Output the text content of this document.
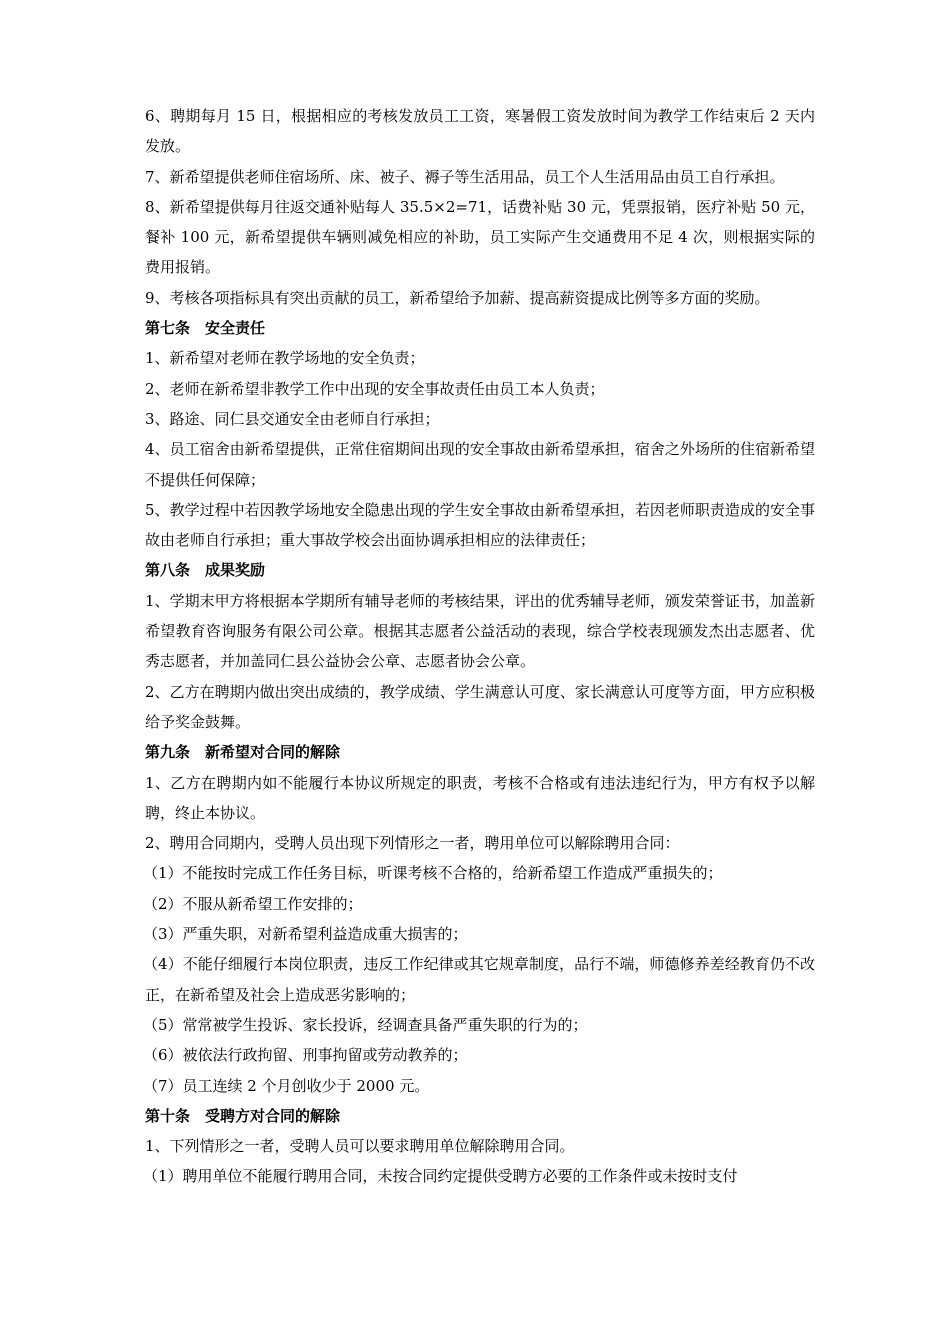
6、聘期每月 15 日，根据相应的考核发放员工工资，寒暑假工资发放时间为教学工作结束后 2 天内发放。

7、新希望提供老师住宿场所、床、被子、褥子等生活用品，员工个人生活用品由员工自行承担。

8、新希望提供每月往返交通补贴每人 35.5×2=71，话费补贴 30 元，凭票报销，医疗补贴 50 元，餐补 100 元，新希望提供车辆则减免相应的补助，员工实际产生交通费用不足 4 次，则根据实际的费用报销。

9、考核各项指标具有突出贡献的员工，新希望给予加薪、提高薪资提成比例等多方面的奖励。

第七条　安全责任

1、新希望对老师在教学场地的安全负责；

2、老师在新希望非教学工作中出现的安全事故责任由员工本人负责；

3、路途、同仁县交通安全由老师自行承担；

4、员工宿舍由新希望提供，正常住宿期间出现的安全事故由新希望承担，宿舍之外场所的住宿新希望不提供任何保障；

5、教学过程中若因教学场地安全隐患出现的学生安全事故由新希望承担，若因老师职责造成的安全事故由老师自行承担；重大事故学校会出面协调承担相应的法律责任；

第八条　成果奖励

1、学期末甲方将根据本学期所有辅导老师的考核结果，评出的优秀辅导老师，颁发荣誉证书，加盖新希望教育咨询服务有限公司公章。根据其志愿者公益活动的表现，综合学校表现颁发杰出志愿者、优秀志愿者，并加盖同仁县公益协会公章、志愿者协会公章。

2、乙方在聘期内做出突出成绩的，教学成绩、学生满意认可度、家长满意认可度等方面，甲方应积极给予奖金鼓舞。

第九条　新希望对合同的解除

1、乙方在聘期内如不能履行本协议所规定的职责，考核不合格或有违法违纪行为，甲方有权予以解聘，终止本协议。

2、聘用合同期内，受聘人员出现下列情形之一者，聘用单位可以解除聘用合同：

（1）不能按时完成工作任务目标，听课考核不合格的，给新希望工作造成严重损失的；

（2）不服从新希望工作安排的；

（3）严重失职，对新希望利益造成重大损害的；

（4）不能仔细履行本岗位职责，违反工作纪律或其它规章制度，品行不端，师德修养差经教育仍不改正，在新希望及社会上造成恶劣影响的；

（5）常常被学生投诉、家长投诉，经调查具备严重失职的行为的；

（6）被依法行政拘留、刑事拘留或劳动教养的；

（7）员工连续 2 个月创收少于 2000 元。

第十条　受聘方对合同的解除

1、下列情形之一者，受聘人员可以要求聘用单位解除聘用合同。

（1）聘用单位不能履行聘用合同，未按合同约定提供受聘方必要的工作条件或未按时支付
